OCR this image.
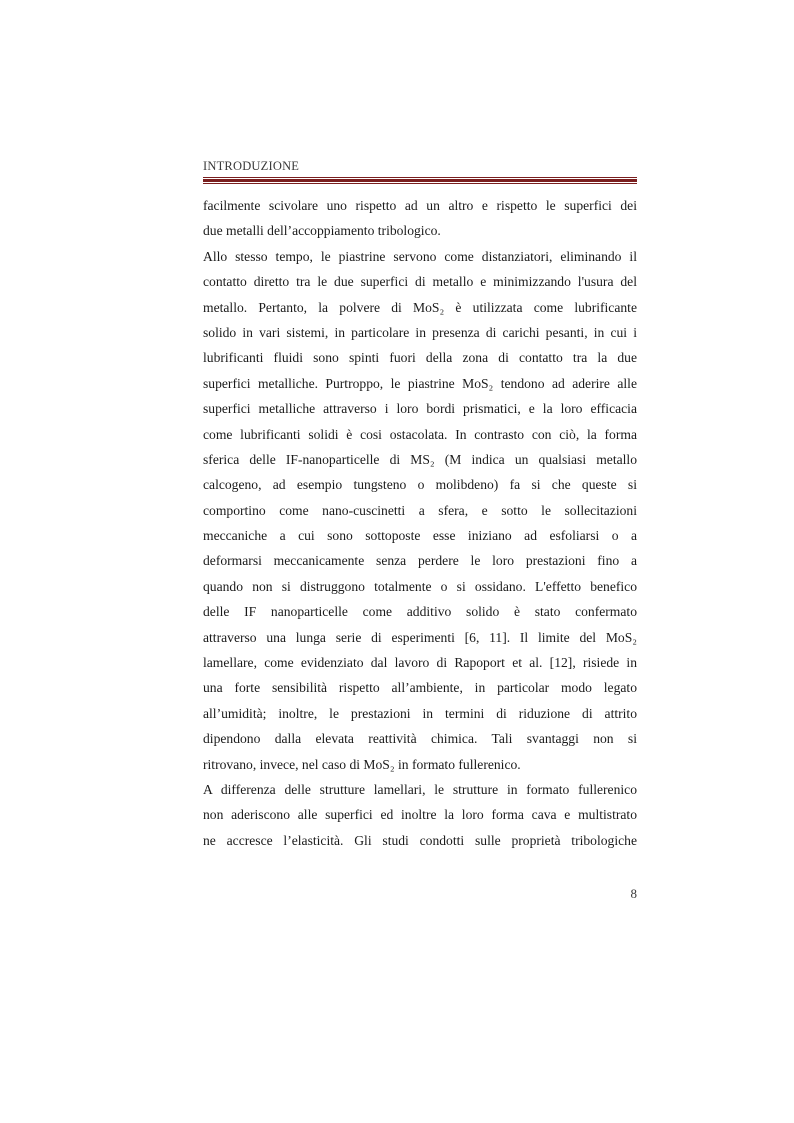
INTRODUZIONE
facilmente scivolare uno rispetto ad un altro e rispetto le superfici dei
due metalli dell’accoppiamento tribologico.
Allo stesso tempo, le piastrine servono come distanziatori, eliminando il
contatto diretto tra le due superfici di metallo e minimizzando l'usura del
metallo. Pertanto, la polvere di MoS₂ è utilizzata come lubrificante
solido in vari sistemi, in particolare in presenza di carichi pesanti, in cui i
lubrificanti fluidi sono spinti fuori della zona di contatto tra la due
superfici metalliche. Purtroppo, le piastrine MoS₂ tendono ad aderire alle
superfici metalliche attraverso i loro bordi prismatici, e la loro efficacia
come lubrificanti solidi è cosi ostacolata. In contrasto con ciò, la forma
sferica delle IF-nanoparticelle di MS₂ (M indica un qualsiasi metallo
calcogeno, ad esempio tungsteno o molibdeno) fa si che queste si
comportino come nano-cuscinetti a sfera, e sotto le sollecitazioni
meccaniche a cui sono sottoposte esse iniziano ad esfoliarsi o a
deformarsi meccanicamente senza perdere le loro prestazioni fino a
quando non si distruggono totalmente o si ossidano. L'effetto benefico
delle IF nanoparticelle come additivo solido è stato confermato
attraverso una lunga serie di esperimenti [6, 11]. Il limite del MoS₂
lamellare, come evidenziato dal lavoro di Rapoport et al. [12], risiede in
una forte sensibilità rispetto all’ambiente, in particolar modo legato
all’umidità; inoltre, le prestazioni in termini di riduzione di attrito
dipendono dalla elevata reattività chimica. Tali svantaggi non si
ritrovano, invece, nel caso di MoS₂ in formato fullerenico.
A differenza delle strutture lamellari, le strutture in formato fullerenico
non aderiscono alle superfici ed inoltre la loro forma cava e multistrato
ne accresce l’elasticità. Gli studi condotti sulle proprietà tribologiche
8
